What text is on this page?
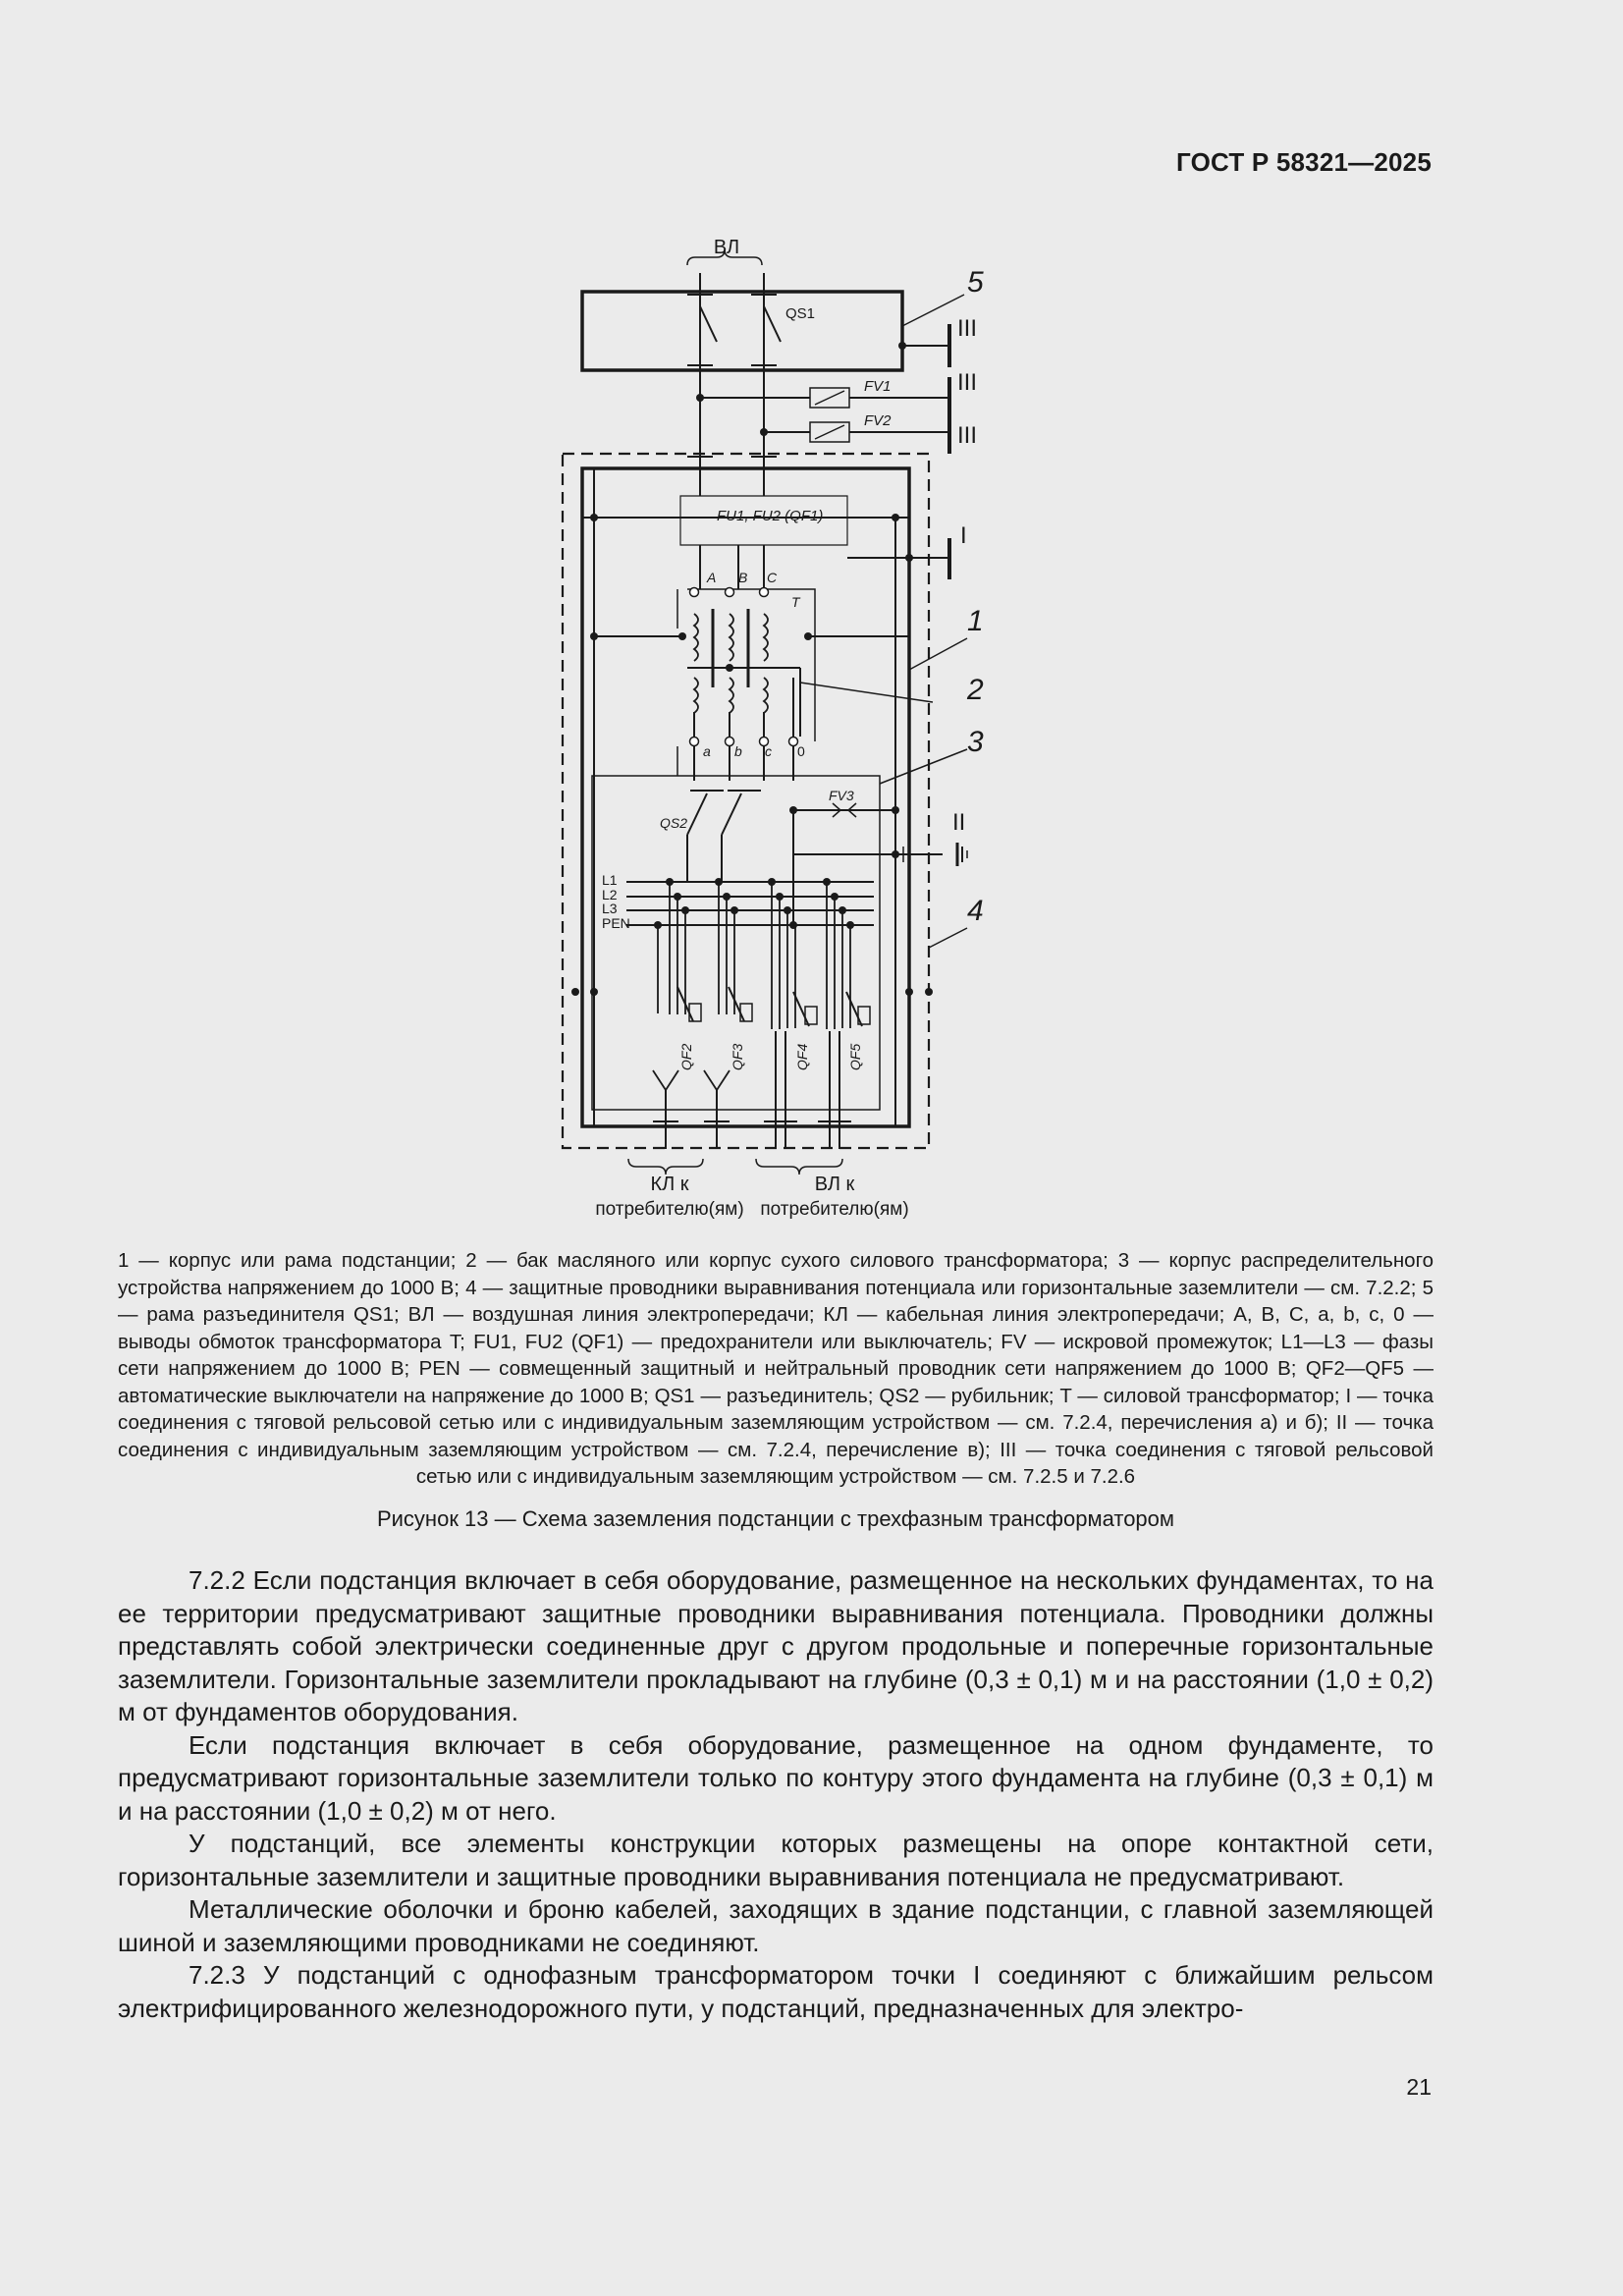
ГОСТ Р 58321—2025
ВЛ
QS1
FV1
FV2
FU1, FU2 (QF1)
A B C
T
a b c 0
FV3
QS2
L1
L2
L3
PEN
QF2	QF3	QF4	QF5
КЛ к
потребителю(ям)
ВЛ к
потребителю(ям)
5
1
2
3
4
I
II
III
III
III
1 — корпус или рама подстанции; 2 — бак масляного или корпус сухого силового трансформатора; 3 — корпус распределительного устройства напряжением до 1000 В; 4 — защитные проводники выравнивания потенциала или горизонтальные заземлители — см. 7.2.2; 5 — рама разъединителя QS1; ВЛ — воздушная линия электропередачи; КЛ — кабельная линия электропередачи; A, B, C, a, b, c, 0 — выводы обмоток трансформатора T; FU1, FU2 (QF1) — предохранители или выключатель; FV — искровой промежуток; L1—L3 — фазы сети напряжением до 1000 В; PEN — совмещенный защитный и нейтральный проводник сети напряжением до 1000 В; QF2—QF5 — автоматические выключатели на напряжение до 1000 В; QS1 — разъединитель; QS2 — рубильник; T — силовой трансформатор; I — точка соединения с тяговой рельсовой сетью или с индивидуальным заземляющим устройством — см. 7.2.4, перечисления а) и б); II — точка соединения с индивидуальным заземляющим устройством — см. 7.2.4, перечисление в); III — точка соединения с тяговой рельсовой сетью или с индивидуальным заземляющим устройством — см. 7.2.5 и 7.2.6
Рисунок 13 — Схема заземления подстанции с трехфазным трансформатором

7.2.2 Если подстанция включает в себя оборудование, размещенное на нескольких фундаментах, то на ее территории предусматривают защитные проводники выравнивания потенциала. Проводники должны представлять собой электрически соединенные друг с другом продольные и поперечные горизонтальные заземлители. Горизонтальные заземлители прокладывают на глубине (0,3 ± 0,1) м и на расстоянии (1,0 ± 0,2) м от фундаментов оборудования.

Если подстанция включает в себя оборудование, размещенное на одном фундаменте, то предусматривают горизонтальные заземлители только по контуру этого фундамента на глубине (0,3 ± 0,1) м и на расстоянии (1,0 ± 0,2) м от него.

У подстанций, все элементы конструкции которых размещены на опоре контактной сети, горизонтальные заземлители и защитные проводники выравнивания потенциала не предусматривают.

Металлические оболочки и броню кабелей, заходящих в здание подстанции, с главной заземляющей шиной и заземляющими проводниками не соединяют.

7.2.3 У подстанций с однофазным трансформатором точки I соединяют с ближайшим рельсом электрифицированного железнодорожного пути, у подстанций, предназначенных для электро-

21
